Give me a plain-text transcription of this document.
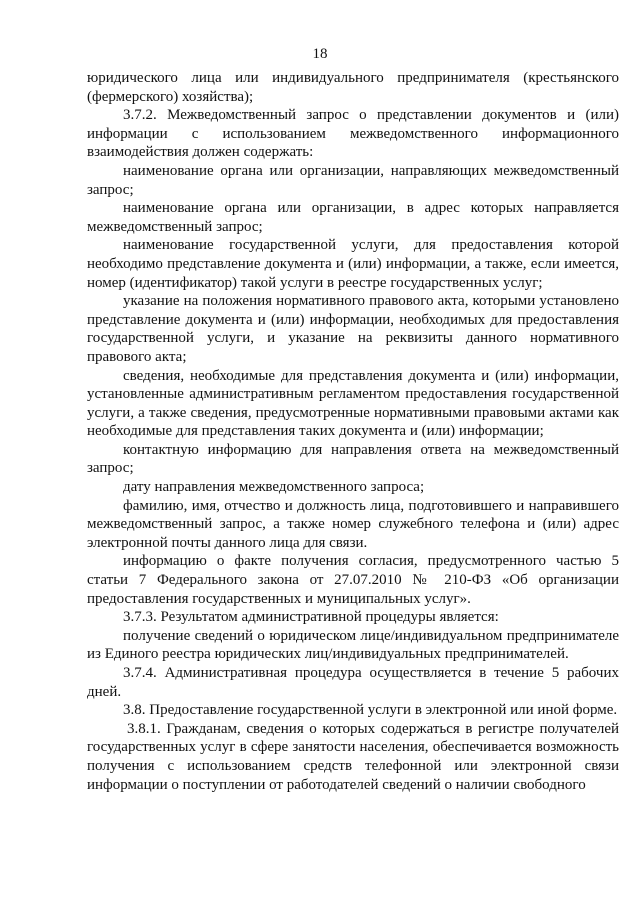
18

юридического лица или индивидуального предпринимателя (крестьянского (фермерского) хозяйства);

3.7.2. Межведомственный запрос о представлении документов и (или) информации с использованием межведомственного информационного взаимодействия должен содержать:

наименование органа или организации, направляющих межведомственный запрос;

наименование органа или организации, в адрес которых направляется межведомственный запрос;

наименование государственной услуги, для предоставления которой необходимо представление документа и (или) информации, а также, если имеется, номер (идентификатор) такой услуги в реестре государственных услуг;

указание на положения нормативного правового акта, которыми установлено представление документа и (или) информации, необходимых для предоставления государственной услуги, и указание на реквизиты данного нормативного правового акта;

сведения, необходимые для представления документа и (или) информации, установленные административным регламентом предоставления государственной услуги, а также сведения, предусмотренные нормативными правовыми актами как необходимые для представления таких документа и (или) информации;

контактную информацию для направления ответа на межведомственный запрос;

дату направления межведомственного запроса;

фамилию, имя, отчество и должность лица, подготовившего и направившего межведомственный запрос, а также номер служебного телефона и (или) адрес электронной почты данного лица для связи.

информацию о факте получения согласия, предусмотренного частью 5 статьи 7 Федерального закона от 27.07.2010 № 210-ФЗ «Об организации предоставления государственных и муниципальных услуг».

3.7.3. Результатом административной процедуры является:

получение сведений о юридическом лице/индивидуальном предпринимателе из Единого реестра юридических лиц/индивидуальных предпринимателей.

3.7.4. Административная процедура осуществляется в течение 5 рабочих дней.

3.8. Предоставление государственной услуги в электронной или иной форме.

3.8.1. Гражданам, сведения о которых содержаться в регистре получателей государственных услуг в сфере занятости населения, обеспечивается возможность получения с использованием средств телефонной или электронной связи информации о поступлении от работодателей сведений о наличии свободного
